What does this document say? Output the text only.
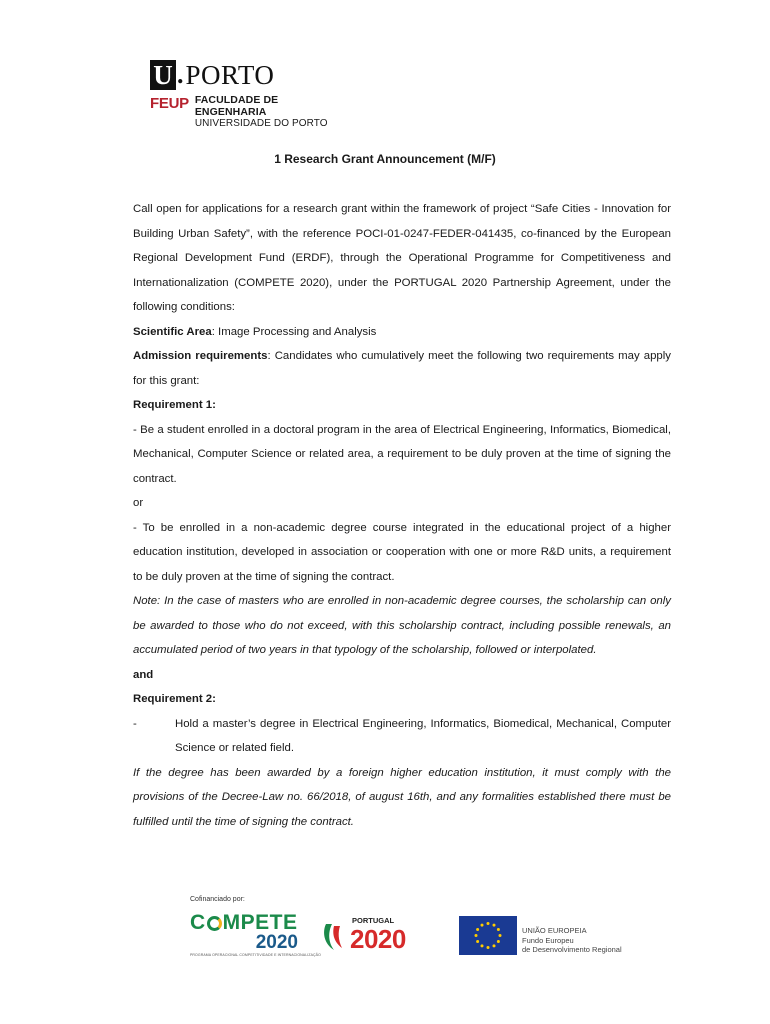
U . PORTO
FEUP FACULDADE DE ENGENHARIA
UNIVERSIDADE DO PORTO
1 Research Grant Announcement (M/F)

Call open for applications for a research grant within the framework of project “Safe Cities - Innovation for Building Urban Safety”, with the reference POCI-01-0247-FEDER-041435, co-financed by the European Regional Development Fund (ERDF), through the Operational Programme for Competitiveness and Internationalization (COMPETE 2020), under the PORTUGAL 2020 Partnership Agreement, under the following conditions:

Scientific Area: Image Processing and Analysis

Admission requirements: Candidates who cumulatively meet the following two requirements may apply for this grant:

Requirement 1:

- Be a student enrolled in a doctoral program in the area of Electrical Engineering, Informatics, Biomedical, Mechanical, Computer Science or related area, a requirement to be duly proven at the time of signing the contract.

or

- To be enrolled in a non-academic degree course integrated in the educational project of a higher education institution, developed in association or cooperation with one or more R&D units, a requirement to be duly proven at the time of signing the contract.

Note: In the case of masters who are enrolled in non-academic degree courses, the scholarship can only be awarded to those who do not exceed, with this scholarship contract, including possible renewals, an accumulated period of two years in that typology of the scholarship, followed or interpolated.

and

Requirement 2:

-	Hold a master’s degree in Electrical Engineering, Informatics, Biomedical, Mechanical, Computer Science or related field.

If the degree has been awarded by a foreign higher education institution, it must comply with the provisions of the Decree-Law no. 66/2018, of august 16th, and any formalities established there must be fulfilled until the time of signing the contract.

Cofinanciado por:
C MPETE
2020
PROGRAMA OPERACIONAL COMPETITIVIDADE E INTERNACIONALIZAÇÃO
PORTUGAL
2020	UNIÃO EUROPEIA
Fundo Europeu
de Desenvolvimento Regional
